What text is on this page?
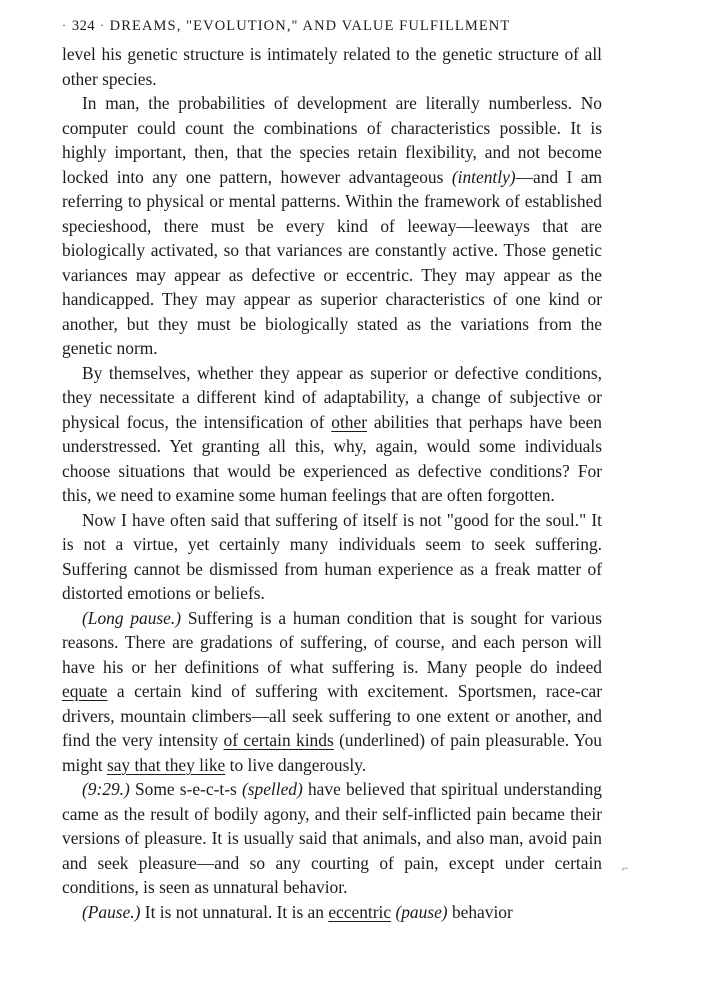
· 324 · DREAMS, "EVOLUTION," AND VALUE FULFILLMENT

level his genetic structure is intimately related to the genetic structure of all other species.

In man, the probabilities of development are literally numberless. No computer could count the combinations of characteristics possible. It is highly important, then, that the species retain flexibility, and not become locked into any one pattern, however advantageous (intently)—and I am referring to physical or mental patterns. Within the framework of established specieshood, there must be every kind of leeway—leeways that are biologically activated, so that variances are constantly active. Those genetic variances may appear as defective or eccentric. They may appear as the handicapped. They may appear as superior characteristics of one kind or another, but they must be biologically stated as the variations from the genetic norm.

By themselves, whether they appear as superior or defective conditions, they necessitate a different kind of adaptability, a change of subjective or physical focus, the intensification of other abilities that perhaps have been understressed. Yet granting all this, why, again, would some individuals choose situations that would be experienced as defective conditions? For this, we need to examine some human feelings that are often forgotten.

Now I have often said that suffering of itself is not "good for the soul." It is not a virtue, yet certainly many individuals seem to seek suffering. Suffering cannot be dismissed from human experience as a freak matter of distorted emotions or beliefs.

(Long pause.) Suffering is a human condition that is sought for various reasons. There are gradations of suffering, of course, and each person will have his or her definitions of what suffering is. Many people do indeed equate a certain kind of suffering with excitement. Sportsmen, race-car drivers, mountain climbers—all seek suffering to one extent or another, and find the very intensity of certain kinds (underlined) of pain pleasurable. You might say that they like to live dangerously.

(9:29.) Some s-e-c-t-s (spelled) have believed that spiritual understanding came as the result of bodily agony, and their self-inflicted pain became their versions of pleasure. It is usually said that animals, and also man, avoid pain and seek pleasure—and so any courting of pain, except under certain conditions, is seen as unnatural behavior.

(Pause.) It is not unnatural. It is an eccentric (pause) behavior

⌐
